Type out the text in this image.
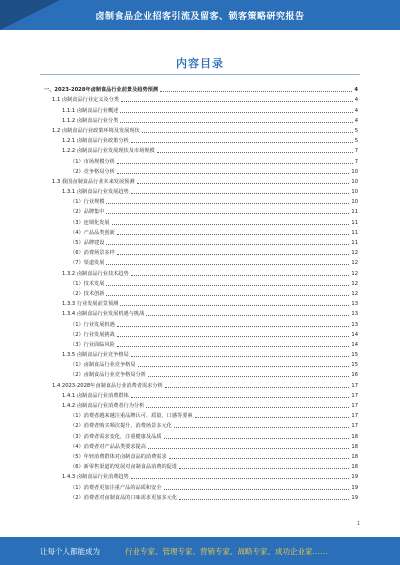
卤制食品企业招客引流及留客、锁客策略研究报告
内容目录
一、2023-2028年卤制食品行业前景及趋势预测	4
1.1 卤制食品行业定义及分类	4
1.1.1 卤制食品行业概述	4
1.1.2 卤制食品行业分类	4
1.2 卤制食品行业政策环境及发展现状	5
1.2.1 卤制食品行业政策分析	5
1.2.2 卤制食品行业发展现状及市场规模	7
（1）市场规模分析	7
（2）竞争格局分析	10
1.3 我国卤制食品行业未来发展预测	10
1.3.1 卤制食品行业发展趋势	10
（1）行业规模	10
（2）品牌集中	11
（3）连锁化发展	11
（4）产品品类创新	11
（5）品牌建设	11
（6）消费场景多样	12
（7）渠道发展	12
1.3.2 卤制食品行业技术趋势	12
（1）技术发展	12
（2）技术创新	12
1.3.3 行业发展前景预测	13
1.3.4 卤制食品行业发展机遇与挑战	13
（1）行业发展机遇	13
（2）行业发展挑战	14
（3）行业面临风险	14
1.3.5 卤制食品行业竞争格局	15
（1）卤制食品行业竞争格局	15
（2）卤制食品行业竞争格局分析	16
1.4 2023-2028年卤制食品行业消费者需求分析	17
1.4.1 卤制食品行业消费群体	17
1.4.2 卤制食品行业消费者行为分析	17
（1）消费者越来越注重品牌认可、质量、口感等要素	17
（2）消费者购买频次提升，消费场景多元化	17
（3）消费者需求变化，注重健康及品质	18
（4）消费者对产品品类要求提高	18
（5）年轻消费群体对卤制食品的消费需求	18
（6）新零售渠道的发展对卤制食品消费的促进	18
1.4.3 卤制食品行业消费趋势	19
（1）消费者更加注重产品的品质和安全	19
（2）消费者对卤制食品的口味需求更加多元化	19
1
让每个人都能成为	行业专家、管理专家、营销专家、战略专家、成功企业家……
